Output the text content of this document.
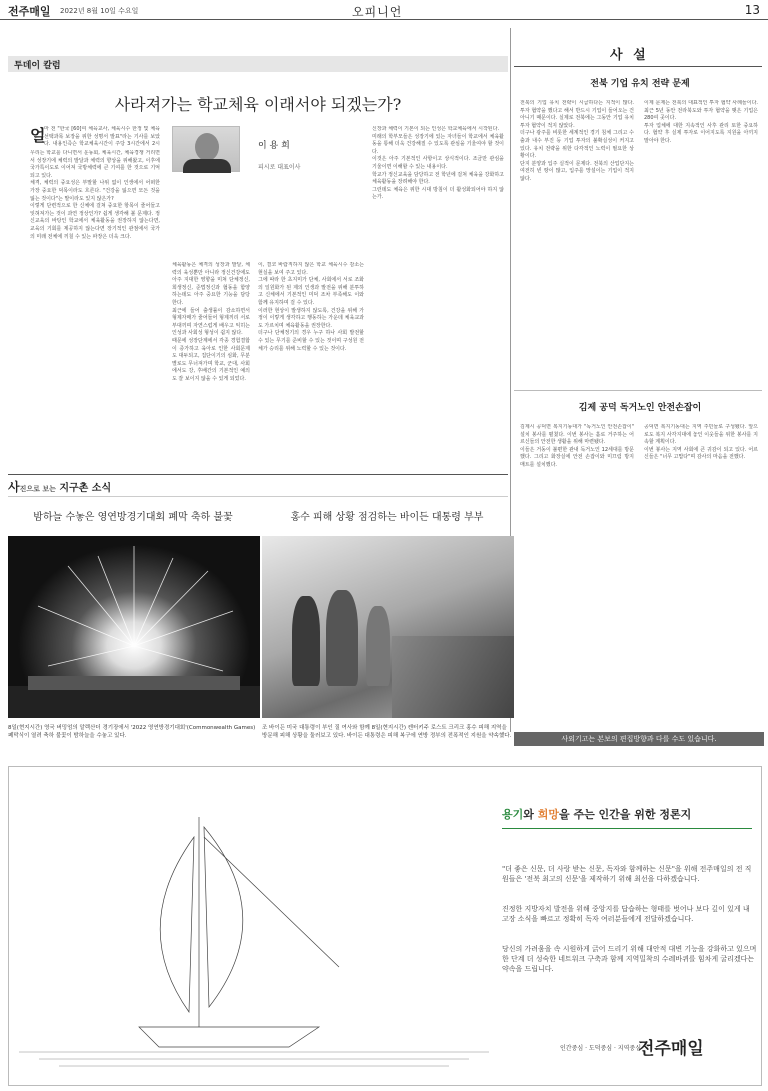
전주매일 2022년 8월 10일 수요일	오피니언	13
투데이 칼럼
사라져가는 학교체육 이래서야 되겠는가?
이 용 희
피시로 대표이사
얼
마 전 "한국 [60]여 체육교사, 체육시수 한정 및 체육 선택과목 보장을 위한 성명서 발표"라는 기사를 보았다. 내용인즉슨 학교체육시간이 주당 3시간에서 2시

우리는 학교를 다니면서 운동회, 체육시간, 체육경쟁 거리면서 성장기에 체력의 발달과 체력의 향상을 위해왔고, 이후에 국가특이도로 이어져 국방체력에 큰 기여를 한 것으로 기억되고 있다.

체격, 체력의 중요성은 부말할 나위 없이 인생에서 어떠한 가장 중요한 덕목이라도 흐른다. "건강을 잃으면 모든 것을 잃는 것이다"는 말이라도 있지 않은가?

이렇게 단련적으로 한 신체에 걸쳐 중요한 항목이 줄어들고 잊혀져가는 것이 과연 정상인가? 쉽게 생각해 볼 문제다. 정신교육의 바탕인 학교에서 체육활동을 권장하지 않는다면, 교육의 기회를 제공하지 않는다면 장기적인 관점에서 국가의 미래 전체에 끼칠 수 있는 파장은 더욱 크다.

체육활동은 체격의 성장과 발달, 체력의 육성뿐만 아니라 정신건강에도 아주 지대한 영향을 미쳐 단체정신, 희생정신, 준법정신과 협동을 함양하는데도 아주 중요한 기능을 담당한다.

최근에 들어 출생률이 감소하면서 형제자매가 줄어들어 형제끼리 서로 부대끼며 자연스럽게 배우고 익히는 인성과 사회성 형성이 쉽지 않다.

때문에 성장단계에서 각종 경험결합이 증가하고 육아로 인한 사회문제도 대두되고, 집단이기의 심화, 무분별로도 무너져가며 학교, 군대, 사회에서도 강, 후배간의 기본적인 예의도 잘 보이지 않을 수 있게 되었다.

이, 결코 바람직하지 않은 학교 체육시수 감소는 현실을 보여 주고 있다.

그에 따라 한 초지미가 단체, 사회에서 서로 조화의 일원화가 된 제의 인생과 발전을 위해 분투하고 신체에서 기본적인 미덕 조차 부족해도 이와 함께 유지하며 걸 수 있다.

이러한 현상이 발생하지 않도록, 건강을 위해 가정이 이렇게 생각하고 행동하는 가운데 체육교과도 가르치며 체육활동을 권장한다.

더구나 단체정기의 경우 누구 하나 사회 발전할 수 있는 무기를 준비할 수 있는 것이며 구성원 전체가 승리를 위해 노력할 수 있는 것이다.

신장과 체력이 기본이 되는 인성은 학교체육에서 시작된다.

미래의 학부모들은 성장기에 있는 자녀들이 학교에서 체육활동을 통해 더욱 건강해질 수 있도록 관심을 기울여야 할 것이다.

이것은 아주 기본적인 사항이고 상식적이다. 조금만 관심을 기울이면 이해할 수 있는 내용이다.

학교가 정신교육을 담당하고 전 학년에 걸쳐 체육을 강화하고 체육활동을 장려해야 한다.

그런데도 체육은 위한 시대 방침이 더 활성화되어야 하지 않는가.

사 설
전북 기업 유치 전략 문제

전북의 기업 유치 전략이 시급하다는 지적이 많다. 투자 협약을 했다고 해서 반드시 기업이 들어오는 건 아니기 때문이다. 실제로 전북에는 그동안 기업 유치 투자 협약이 적지 않았다.

더구나 광주를 비롯한 세계적인 경기 침체 그리고 수출과 내수 부진 등 기업 투자의 불확실성이 커지고 있다. 유치 전략을 위한 다각적인 노력이 필요한 상황이다.

단지 분양과 입주 실적이 문제다. 전북의 산업단지는 여전히 빈 땅이 많고, 입주를 망설이는 기업이 적지 않다.

이제 문제는 전북의 대표적인 투자 협약 사례들이다. 최근 5년 동안 전라북도와 투자 협약을 맺은 기업은 280여 곳이다.

투자 업체에 대한 지속적인 사후 관리 또한 중요하다. 협약 후 실제 투자로 이어지도록 지원을 아끼지 말아야 한다.

김제 공덕 독거노인 안전손잡이

김제시 공덕면 복지기동대가 "독거노인 안전손잡이" 설치 봉사를 펼쳤다. 이번 봉사는 홀로 거주하는 어르신들의 안전한 생활을 위해 마련됐다.

이들은 거동이 불편한 관내 독거노인 12세대를 방문했다. 그리고 화장실에 안전 손잡이와 미끄럼 방지 매트를 설치했다.

공덕면 복지기동대는 지역 주민들로 구성됐다. 앞으로도 복지 사각지대에 놓인 이웃들을 위한 봉사를 지속할 계획이다.

이번 봉사는 지역 사회에 큰 귀감이 되고 있다. 어르신들은 "너무 고맙다"며 감사의 마음을 전했다.

사진으로 보는 지구촌 소식
밤하늘 수놓은 영연방경기대회 폐막 축하 불꽃	홍수 피해 상황 점검하는 바이든 대통령 부부
8일(현지시간) 영국 버밍엄의 알렉산더 경기장에서 '2022 영연방경기대회'(Commonwealth Games) 폐막식이 열려 축하 불꽃이 밤하늘을 수놓고 있다.
조 바이든 미국 대통령이 부인 질 여사와 함께 8일(현지시간) 켄터키주 로스트 크리크 홍수 피해 지역을 방문해 피해 상황을 둘러보고 있다. 바이든 대통령은 피해 복구에 연방 정부의 전폭적인 지원을 약속했다.	사외기고는 본보의 편집방향과 다를 수도 있습니다.
용기와 희망을 주는 인간을 위한 정론지
"더 좋은 신문, 더 사랑 받는 신문, 독자와 함께하는 신문"을 위해 전주매일의 전 직원들은 '전북 최고의 신문'을 제작하기 위해 최선을 다하겠습니다.
진정한 지방자치 발전을 위해 중앙지를 답습하는 형태를 벗어나 보다 깊이 있게 내 고장 소식을 빠르고 정확히 독자 여러분들에게 전달하겠습니다.
당신의 가려움을 속 시원하게 긁어 드리기 위해 대안적 대변 기능을 강화하고 있으며 한 단계 더 성숙한 네트워크 구축과 함께 지역밀착의 수레바퀴를 힘차게 굴리겠다는 약속을 드립니다.
인간중심 · 도덕중심 · 지역중심
전주매일
